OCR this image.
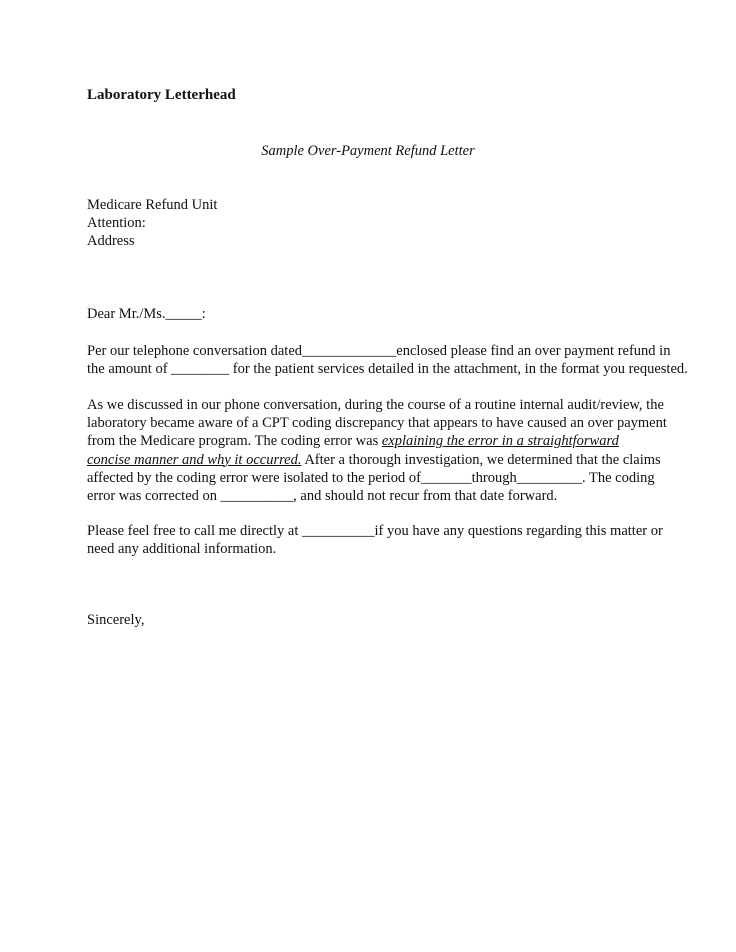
Laboratory Letterhead
Sample Over-Payment Refund Letter
Medicare Refund Unit
Attention:
Address
Dear Mr./Ms._____:
Per our telephone conversation dated_____________enclosed please find an over payment refund in
the amount of ________ for the patient services detailed in the attachment, in the format you requested.
As we discussed in our phone conversation, during the course of a routine internal audit/review, the
laboratory became aware of a CPT coding discrepancy that appears to have caused an over payment
from the Medicare program. The coding error was explaining the error in a straightforward
concise manner and why it occurred. After a thorough investigation, we determined that the claims
affected by the coding error were isolated to the period of_______through_________. The coding
error was corrected on __________, and should not recur from that date forward.
Please feel free to call me directly at __________if you have any questions regarding this matter or
need any additional information.
Sincerely,
